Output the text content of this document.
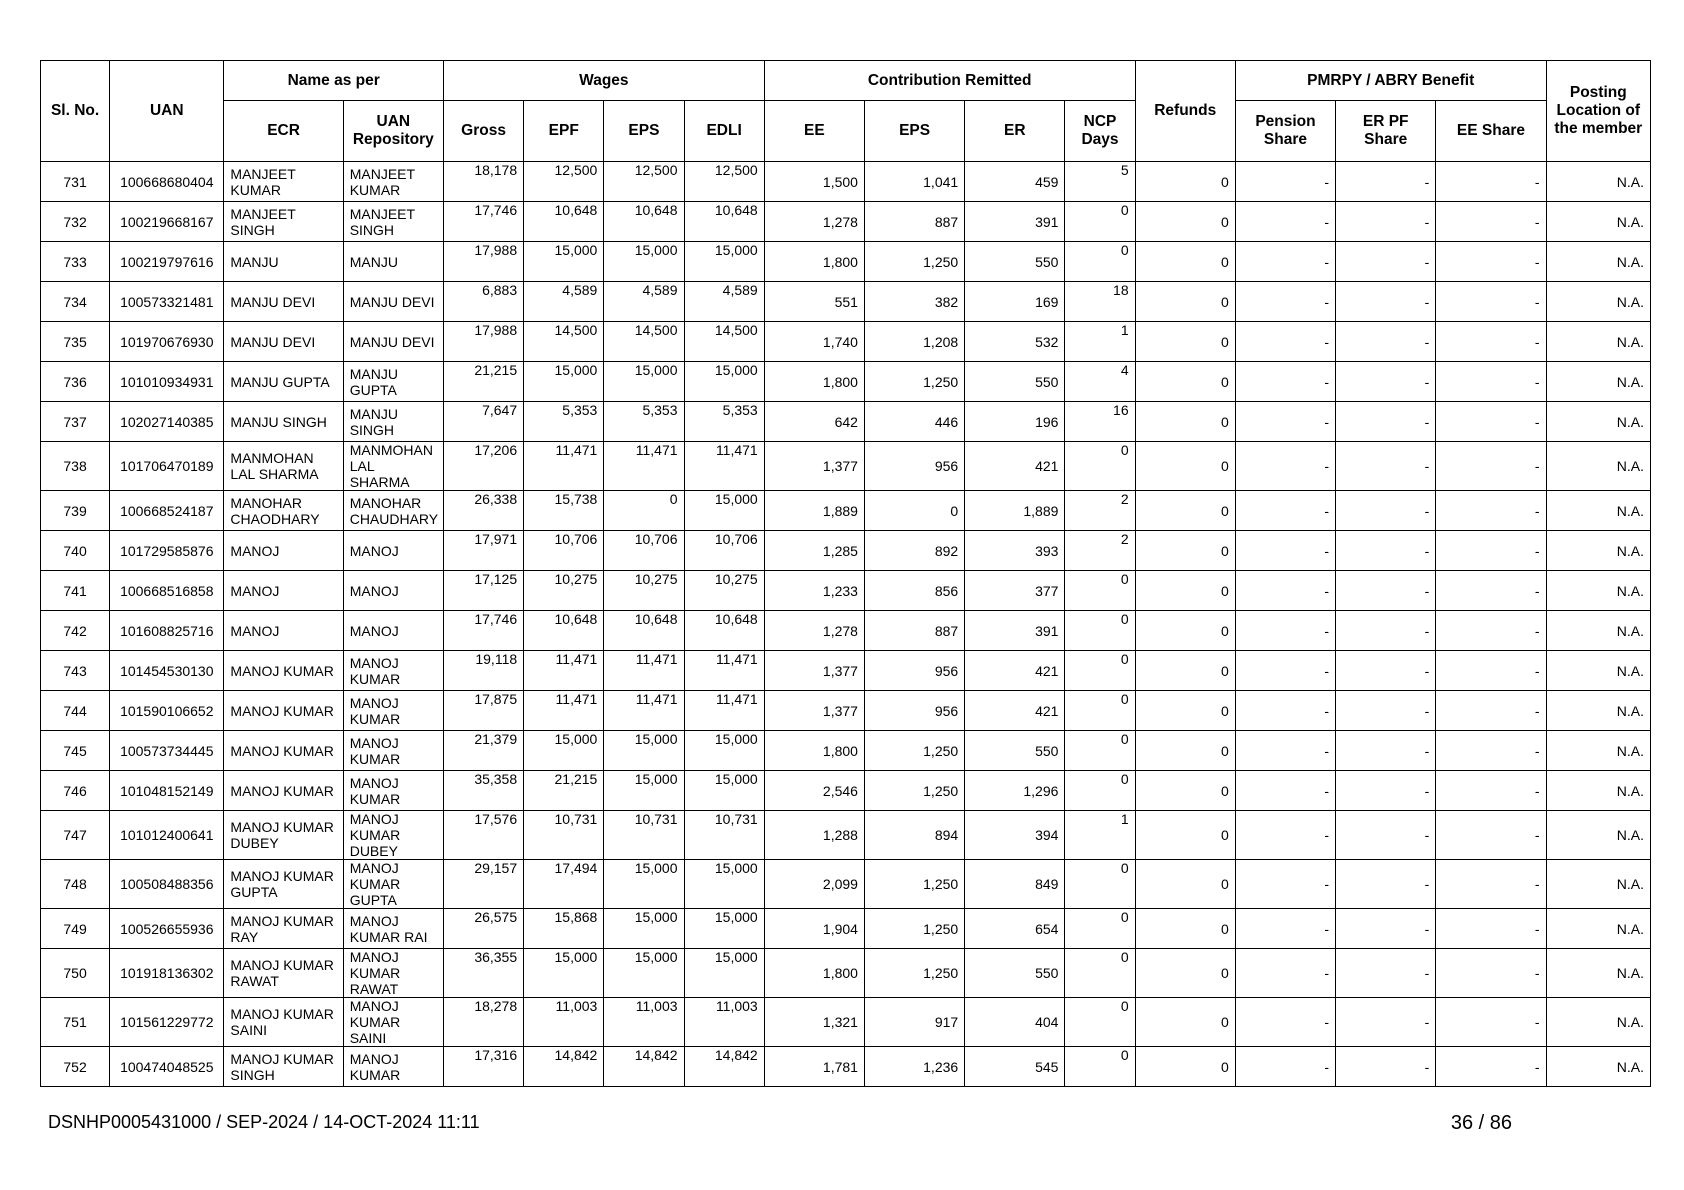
Sl. No.	UAN	Name as per		Wages				Contribution Remitted				Refunds	PMRPY / ABRY Benefit			Posting Location of the member
		ECR	UAN Repository	Gross	EPF	EPS	EDLI	EE	EPS	ER	NCP Days		Pension Share	ER PF Share	EE Share	
731	100668680404	MANJEET KUMAR	MANJEET KUMAR	18,178	12,500	12,500	12,500	1,500	1,041	459	5	0	-	-	-	N.A.
732	100219668167	MANJEET SINGH	MANJEET SINGH	17,746	10,648	10,648	10,648	1,278	887	391	0	0	-	-	-	N.A.
733	100219797616	MANJU	MANJU	17,988	15,000	15,000	15,000	1,800	1,250	550	0	0	-	-	-	N.A.
734	100573321481	MANJU DEVI	MANJU DEVI	6,883	4,589	4,589	4,589	551	382	169	18	0	-	-	-	N.A.
735	101970676930	MANJU DEVI	MANJU DEVI	17,988	14,500	14,500	14,500	1,740	1,208	532	1	0	-	-	-	N.A.
736	101010934931	MANJU GUPTA	MANJU GUPTA	21,215	15,000	15,000	15,000	1,800	1,250	550	4	0	-	-	-	N.A.
737	102027140385	MANJU SINGH	MANJU SINGH	7,647	5,353	5,353	5,353	642	446	196	16	0	-	-	-	N.A.
738	101706470189	MANMOHAN LAL SHARMA	MANMOHAN LAL SHARMA	17,206	11,471	11,471	11,471	1,377	956	421	0	0	-	-	-	N.A.
739	100668524187	MANOHAR CHAODHARY	MANOHAR CHAUDHARY	26,338	15,738	0	15,000	1,889	0	1,889	2	0	-	-	-	N.A.
740	101729585876	MANOJ	MANOJ	17,971	10,706	10,706	10,706	1,285	892	393	2	0	-	-	-	N.A.
741	100668516858	MANOJ	MANOJ	17,125	10,275	10,275	10,275	1,233	856	377	0	0	-	-	-	N.A.
742	101608825716	MANOJ	MANOJ	17,746	10,648	10,648	10,648	1,278	887	391	0	0	-	-	-	N.A.
743	101454530130	MANOJ KUMAR	MANOJ KUMAR	19,118	11,471	11,471	11,471	1,377	956	421	0	0	-	-	-	N.A.
744	101590106652	MANOJ KUMAR	MANOJ KUMAR	17,875	11,471	11,471	11,471	1,377	956	421	0	0	-	-	-	N.A.
745	100573734445	MANOJ KUMAR	MANOJ KUMAR	21,379	15,000	15,000	15,000	1,800	1,250	550	0	0	-	-	-	N.A.
746	101048152149	MANOJ KUMAR	MANOJ KUMAR	35,358	21,215	15,000	15,000	2,546	1,250	1,296	0	0	-	-	-	N.A.
747	101012400641	MANOJ KUMAR DUBEY	MANOJ KUMAR DUBEY	17,576	10,731	10,731	10,731	1,288	894	394	1	0	-	-	-	N.A.
748	100508488356	MANOJ KUMAR GUPTA	MANOJ KUMAR GUPTA	29,157	17,494	15,000	15,000	2,099	1,250	849	0	0	-	-	-	N.A.
749	100526655936	MANOJ KUMAR RAY	MANOJ KUMAR RAI	26,575	15,868	15,000	15,000	1,904	1,250	654	0	0	-	-	-	N.A.
750	101918136302	MANOJ KUMAR RAWAT	MANOJ KUMAR RAWAT	36,355	15,000	15,000	15,000	1,800	1,250	550	0	0	-	-	-	N.A.
751	101561229772	MANOJ KUMAR SAINI	MANOJ KUMAR SAINI	18,278	11,003	11,003	11,003	1,321	917	404	0	0	-	-	-	N.A.
752	100474048525	MANOJ KUMAR SINGH	MANOJ KUMAR	17,316	14,842	14,842	14,842	1,781	1,236	545	0	0	-	-	-	N.A.
DSNHP0005431000 / SEP-2024 / 14-OCT-2024 11:11	36 / 86
